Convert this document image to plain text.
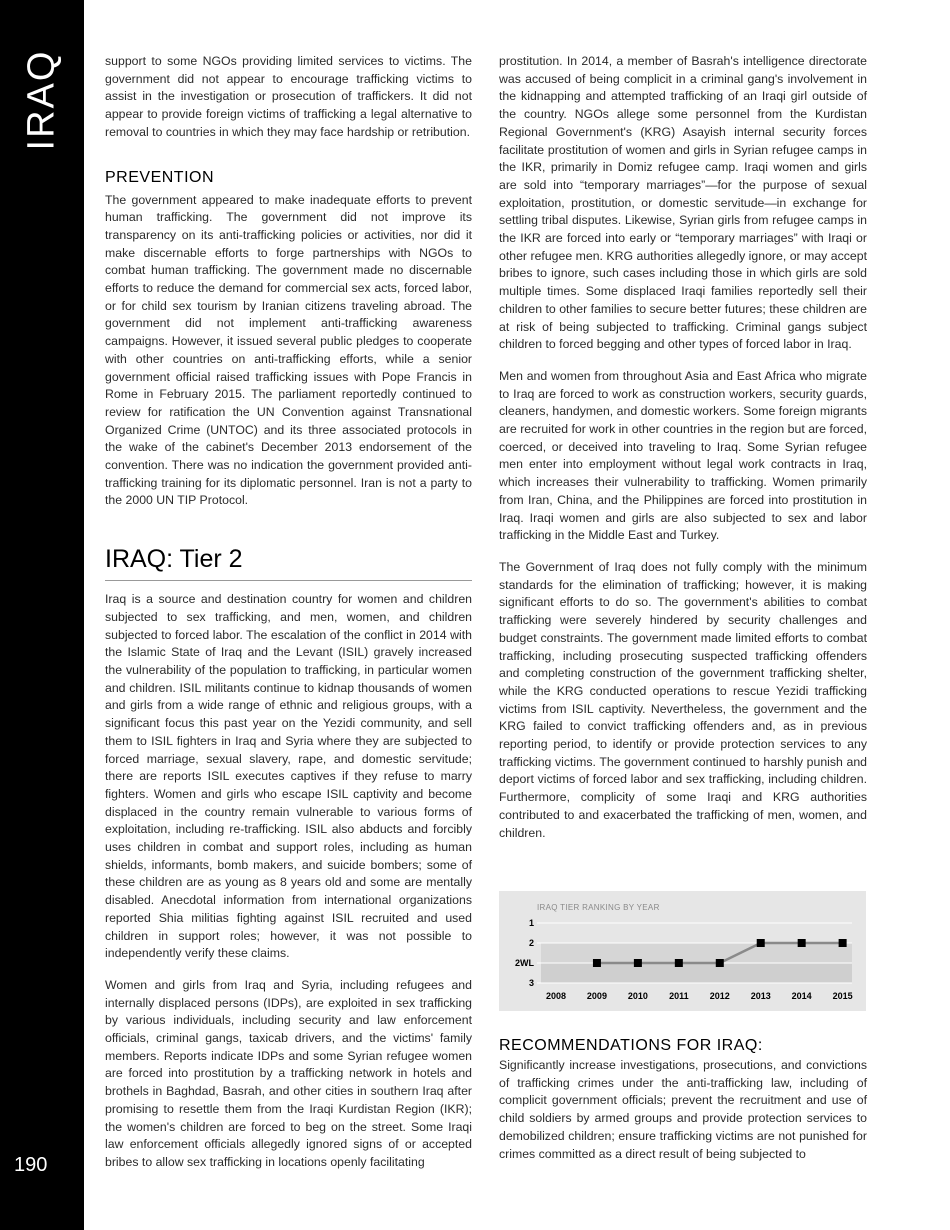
IRAQ
190

support to some NGOs providing limited services to victims. The government did not appear to encourage trafficking victims to assist in the investigation or prosecution of traffickers. It did not appear to provide foreign victims of trafficking a legal alternative to removal to countries in which they may face hardship or retribution.

PREVENTION

The government appeared to make inadequate efforts to prevent human trafficking. The government did not improve its transparency on its anti-trafficking policies or activities, nor did it make discernable efforts to forge partnerships with NGOs to combat human trafficking. The government made no discernable efforts to reduce the demand for commercial sex acts, forced labor, or for child sex tourism by Iranian citizens traveling abroad. The government did not implement anti-trafficking awareness campaigns. However, it issued several public pledges to cooperate with other countries on anti-trafficking efforts, while a senior government official raised trafficking issues with Pope Francis in Rome in February 2015. The parliament reportedly continued to review for ratification the UN Convention against Transnational Organized Crime (UNTOC) and its three associated protocols in the wake of the cabinet's December 2013 endorsement of the convention. There was no indication the government provided anti-trafficking training for its diplomatic personnel. Iran is not a party to the 2000 UN TIP Protocol.

IRAQ: Tier 2

Iraq is a source and destination country for women and children subjected to sex trafficking, and men, women, and children subjected to forced labor. The escalation of the conflict in 2014 with the Islamic State of Iraq and the Levant (ISIL) gravely increased the vulnerability of the population to trafficking, in particular women and children. ISIL militants continue to kidnap thousands of women and girls from a wide range of ethnic and religious groups, with a significant focus this past year on the Yezidi community, and sell them to ISIL fighters in Iraq and Syria where they are subjected to forced marriage, sexual slavery, rape, and domestic servitude; there are reports ISIL executes captives if they refuse to marry fighters. Women and girls who escape ISIL captivity and become displaced in the country remain vulnerable to various forms of exploitation, including re-trafficking. ISIL also abducts and forcibly uses children in combat and support roles, including as human shields, informants, bomb makers, and suicide bombers; some of these children are as young as 8 years old and some are mentally disabled. Anecdotal information from international organizations reported Shia militias fighting against ISIL recruited and used children in support roles; however, it was not possible to independently verify these claims.

Women and girls from Iraq and Syria, including refugees and internally displaced persons (IDPs), are exploited in sex trafficking by various individuals, including security and law enforcement officials, criminal gangs, taxicab drivers, and the victims' family members. Reports indicate IDPs and some Syrian refugee women are forced into prostitution by a trafficking network in hotels and brothels in Baghdad, Basrah, and other cities in southern Iraq after promising to resettle them from the Iraqi Kurdistan Region (IKR); the women's children are forced to beg on the street. Some Iraqi law enforcement officials allegedly ignored signs of or accepted bribes to allow sex trafficking in locations openly facilitating

prostitution. In 2014, a member of Basrah's intelligence directorate was accused of being complicit in a criminal gang's involvement in the kidnapping and attempted trafficking of an Iraqi girl outside of the country. NGOs allege some personnel from the Kurdistan Regional Government's (KRG) Asayish internal security forces facilitate prostitution of women and girls in Syrian refugee camps in the IKR, primarily in Domiz refugee camp. Iraqi women and girls are sold into “temporary marriages”—for the purpose of sexual exploitation, prostitution, or domestic servitude—in exchange for settling tribal disputes. Likewise, Syrian girls from refugee camps in the IKR are forced into early or “temporary marriages” with Iraqi or other refugee men. KRG authorities allegedly ignore, or may accept bribes to ignore, such cases including those in which girls are sold multiple times. Some displaced Iraqi families reportedly sell their children to other families to secure better futures; these children are at risk of being subjected to trafficking. Criminal gangs subject children to forced begging and other types of forced labor in Iraq.

Men and women from throughout Asia and East Africa who migrate to Iraq are forced to work as construction workers, security guards, cleaners, handymen, and domestic workers. Some foreign migrants are recruited for work in other countries in the region but are forced, coerced, or deceived into traveling to Iraq. Some Syrian refugee men enter into employment without legal work contracts in Iraq, which increases their vulnerability to trafficking. Women primarily from Iran, China, and the Philippines are forced into prostitution in Iraq. Iraqi women and girls are also subjected to sex and labor trafficking in the Middle East and Turkey.

The Government of Iraq does not fully comply with the minimum standards for the elimination of trafficking; however, it is making significant efforts to do so. The government's abilities to combat trafficking were severely hindered by security challenges and budget constraints. The government made limited efforts to combat trafficking, including prosecuting suspected trafficking offenders and completing construction of the government trafficking shelter, while the KRG conducted operations to rescue Yezidi trafficking victims from ISIL captivity. Nevertheless, the government and the KRG failed to convict trafficking offenders and, as in previous reporting period, to identify or provide protection services to any trafficking victims. The government continued to harshly punish and deport victims of forced labor and sex trafficking, including children. Furthermore, complicity of some Iraqi and KRG authorities contributed to and exacerbated the trafficking of men, women, and children.

IRAQ TIER RANKING BY YEAR
1
2
2WL
3
2008 2009 2010 2011 2012 2013 2014 2015
RECOMMENDATIONS FOR IRAQ:

Significantly increase investigations, prosecutions, and convictions of trafficking crimes under the anti-trafficking law, including of complicit government officials; prevent the recruitment and use of child soldiers by armed groups and provide protection services to demobilized children; ensure trafficking victims are not punished for crimes committed as a direct result of being subjected to
